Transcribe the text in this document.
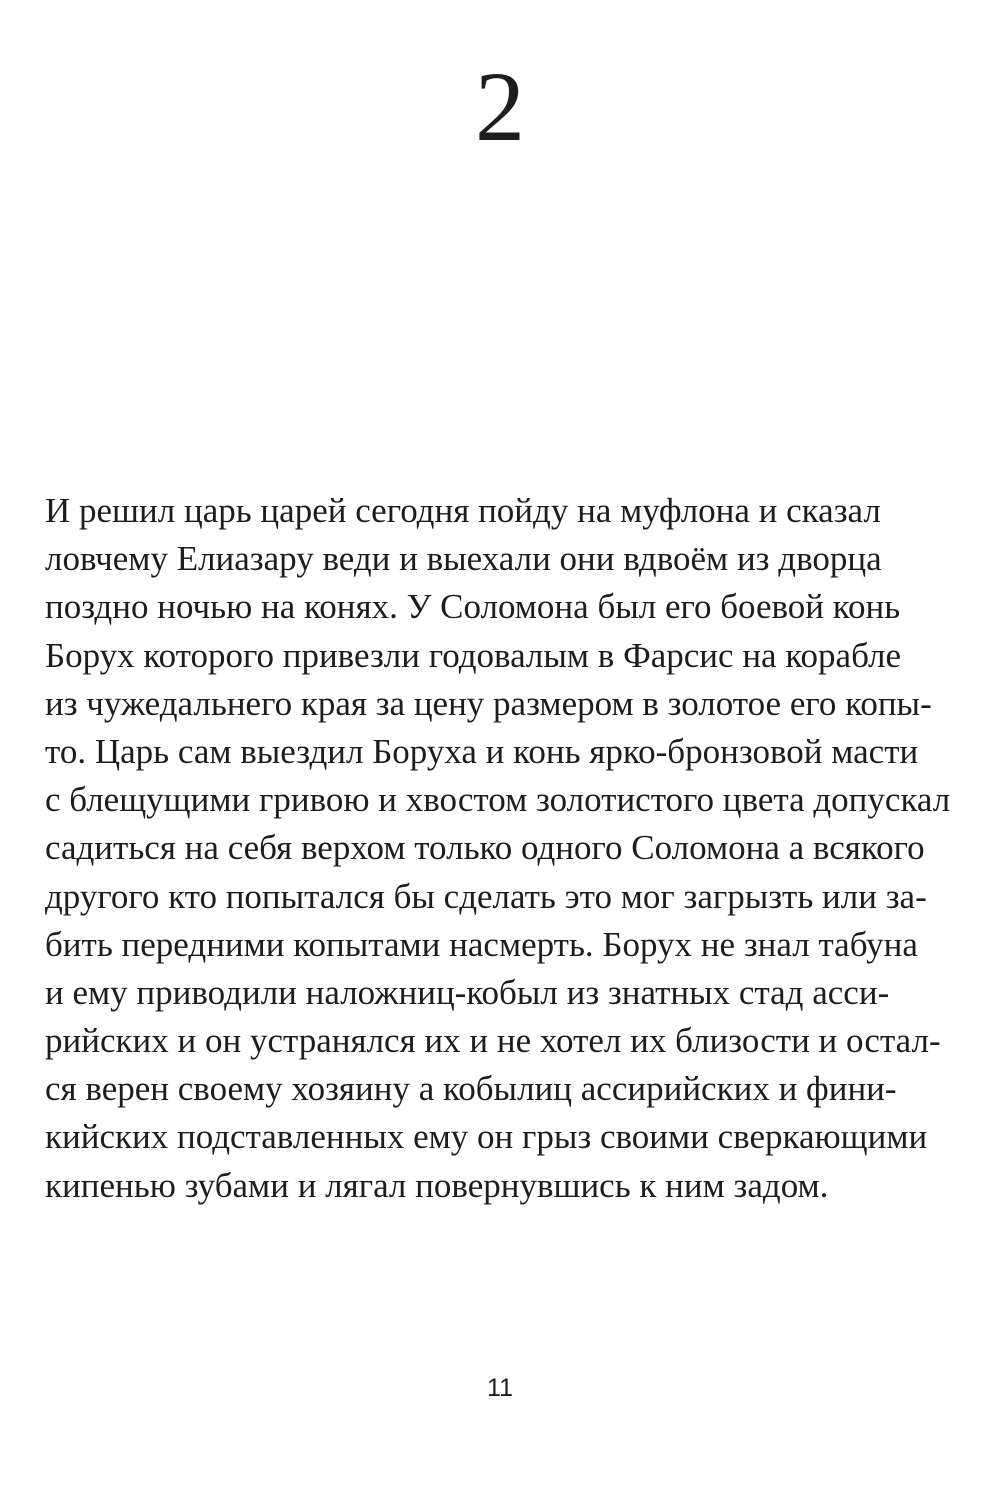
2
И решил царь царей сегодня пойду на муфлона и сказал
ловчему Елиазару веди и выехали они вдвоём из дворца
поздно ночью на конях. У Соломона был его боевой конь
Борух которого привезли годовалым в Фарсис на корабле
из чужедальнего края за цену размером в золотое его копы-
то. Царь сам выездил Боруха и конь ярко-бронзовой масти
с блещущими гривою и хвостом золотистого цвета допускал
садиться на себя верхом только одного Соломона а всякого
другого кто попытался бы сделать это мог загрызть или за-
бить передними копытами насмерть. Борух не знал табуна
и ему приводили наложниц-кобыл из знатных стад асси-
рийских и он устранялся их и не хотел их близости и остал-
ся верен своему хозяину а кобылиц ассирийских и фини-
кийских подставленных ему он грыз своими сверкающими
кипенью зубами и лягал повернувшись к ним задом.
11
